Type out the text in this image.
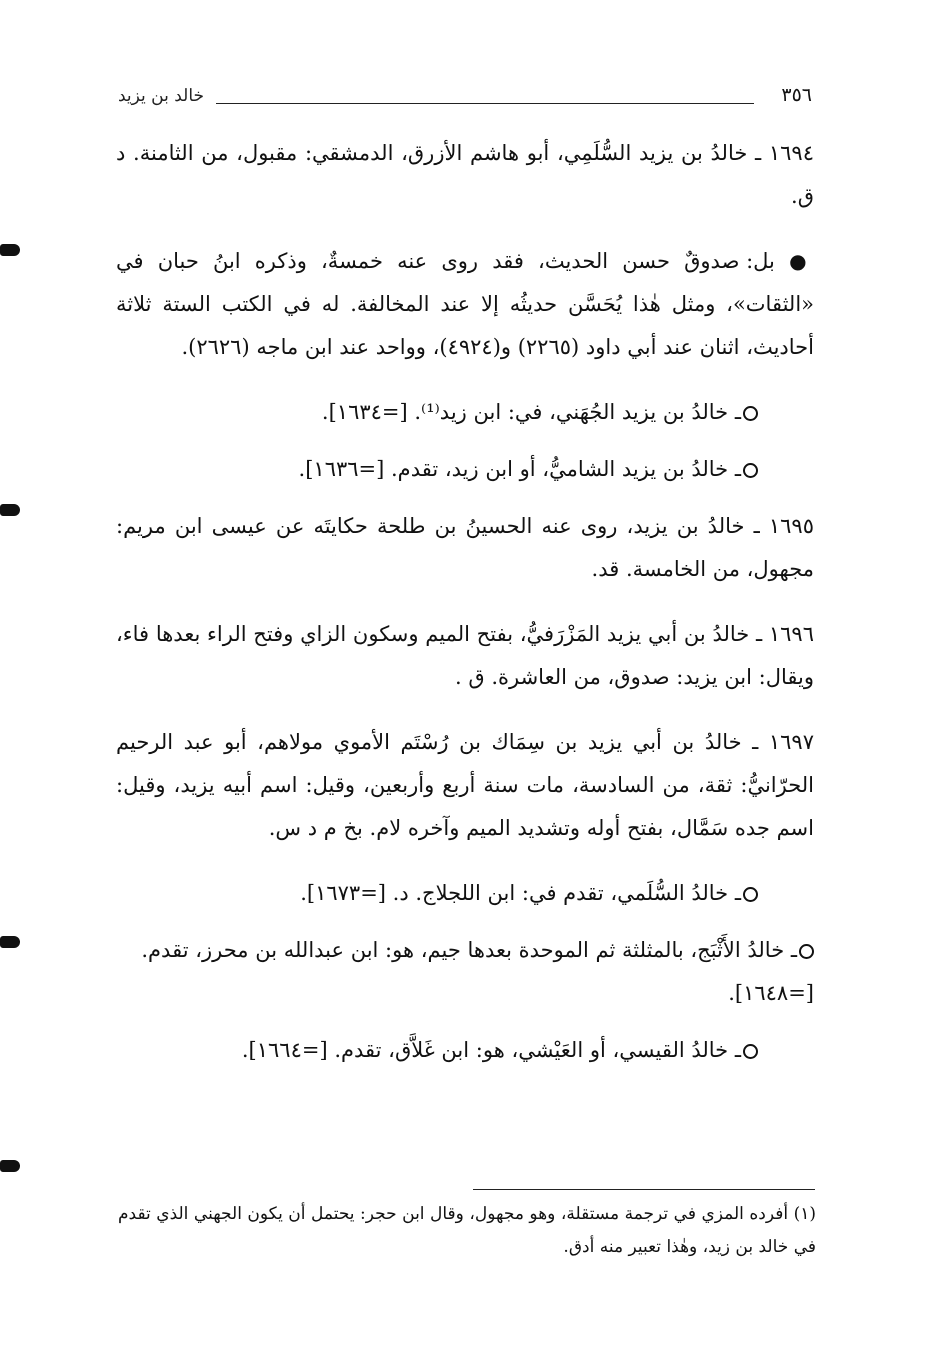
خالد بن يزيد	٣٥٦

١٦٩٤ ـ خالدُ بن يزيد السُّلَمِي، أبو هاشم الأزرق، الدمشقي: مقبول، من الثامنة. د ق.

● بل: صدوقٌ حسن الحديث، فقد روى عنه خمسةٌ، وذكره ابنُ حبان في «الثقات»، ومثل هٰذا يُحَسَّن حديثُه إلا عند المخالفة. له في الكتب الستة ثلاثة أحاديث، اثنان عند أبي داود (٢٢٦٥) و(٤٩٢٤)، وواحد عند ابن ماجه (٢٦٢٦).

ـ خالدُ بن يزيد الجُهَني، في: ابن زيد⁽¹⁾. [=١٦٣٤].

ـ خالدُ بن يزيد الشاميُّ، أو ابن زيد، تقدم. [=١٦٣٦].

١٦٩٥ ـ خالدُ بن يزيد، روى عنه الحسينُ بن طلحة حكايتَه عن عيسى ابن مريم: مجهول، من الخامسة. قد.

١٦٩٦ ـ خالدُ بن أبي يزيد المَزْرَفيُّ، بفتح الميم وسكون الزاي وفتح الراء بعدها فاء، ويقال: ابن يزيد: صدوق، من العاشرة. ق .

١٦٩٧ ـ خالدُ بن أبي يزيد بن سِمَاك بن رُسْتَم الأموي مولاهم، أبو عبد الرحيم الحرّانيُّ: ثقة، من السادسة، مات سنة أربع وأربعين، وقيل: اسم أبيه يزيد، وقيل: اسم جده سَمَّال، بفتح أوله وتشديد الميم وآخره لام. بخ م د س.

ـ خالدُ السُّلَمي، تقدم في: ابن اللجلاج. د. [=١٦٧٣].

ـ خالدُ الأَثْبَج، بالمثلثة ثم الموحدة بعدها جيم، هو: ابن عبدالله بن محرز، تقدم. [=١٦٤٨].

ـ خالدُ القيسي، أو العَيْشي، هو: ابن غَلاَّق، تقدم. [=١٦٦٤].

(١) أفرده المزي في ترجمة مستقلة، وهو مجهول، وقال ابن حجر: يحتمل أن يكون الجهني الذي تقدم في خالد بن زيد، وهٰذا تعبير منه أدق.
